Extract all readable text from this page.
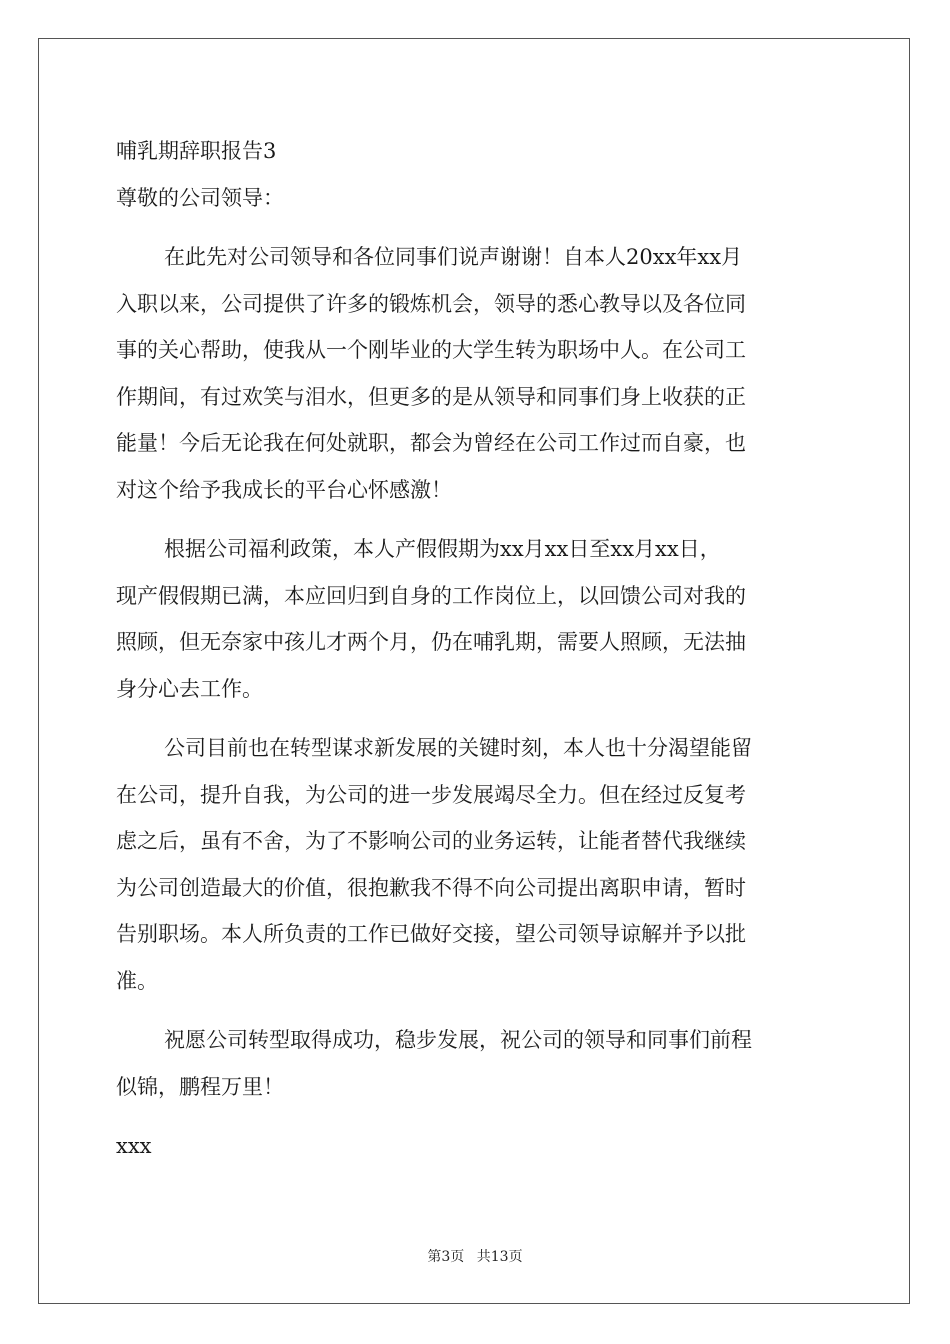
哺乳期辞职报告3
尊敬的公司领导：
在此先对公司领导和各位同事们说声谢谢！自本人20xx年xx月
入职以来，公司提供了许多的锻炼机会，领导的悉心教导以及各位同
事的关心帮助，使我从一个刚毕业的大学生转为职场中人。在公司工
作期间，有过欢笑与泪水，但更多的是从领导和同事们身上收获的正
能量！今后无论我在何处就职，都会为曾经在公司工作过而自豪，也
对这个给予我成长的平台心怀感激！
根据公司福利政策，本人产假假期为xx月xx日至xx月xx日，
现产假假期已满，本应回归到自身的工作岗位上，以回馈公司对我的
照顾，但无奈家中孩儿才两个月，仍在哺乳期，需要人照顾，无法抽
身分心去工作。
公司目前也在转型谋求新发展的关键时刻，本人也十分渴望能留
在公司，提升自我，为公司的进一步发展竭尽全力。但在经过反复考
虑之后，虽有不舍，为了不影响公司的业务运转，让能者替代我继续
为公司创造最大的价值，很抱歉我不得不向公司提出离职申请，暂时
告别职场。本人所负责的工作已做好交接，望公司领导谅解并予以批
准。
祝愿公司转型取得成功，稳步发展，祝公司的领导和同事们前程
似锦，鹏程万里！
xxx
第3页 共13页
